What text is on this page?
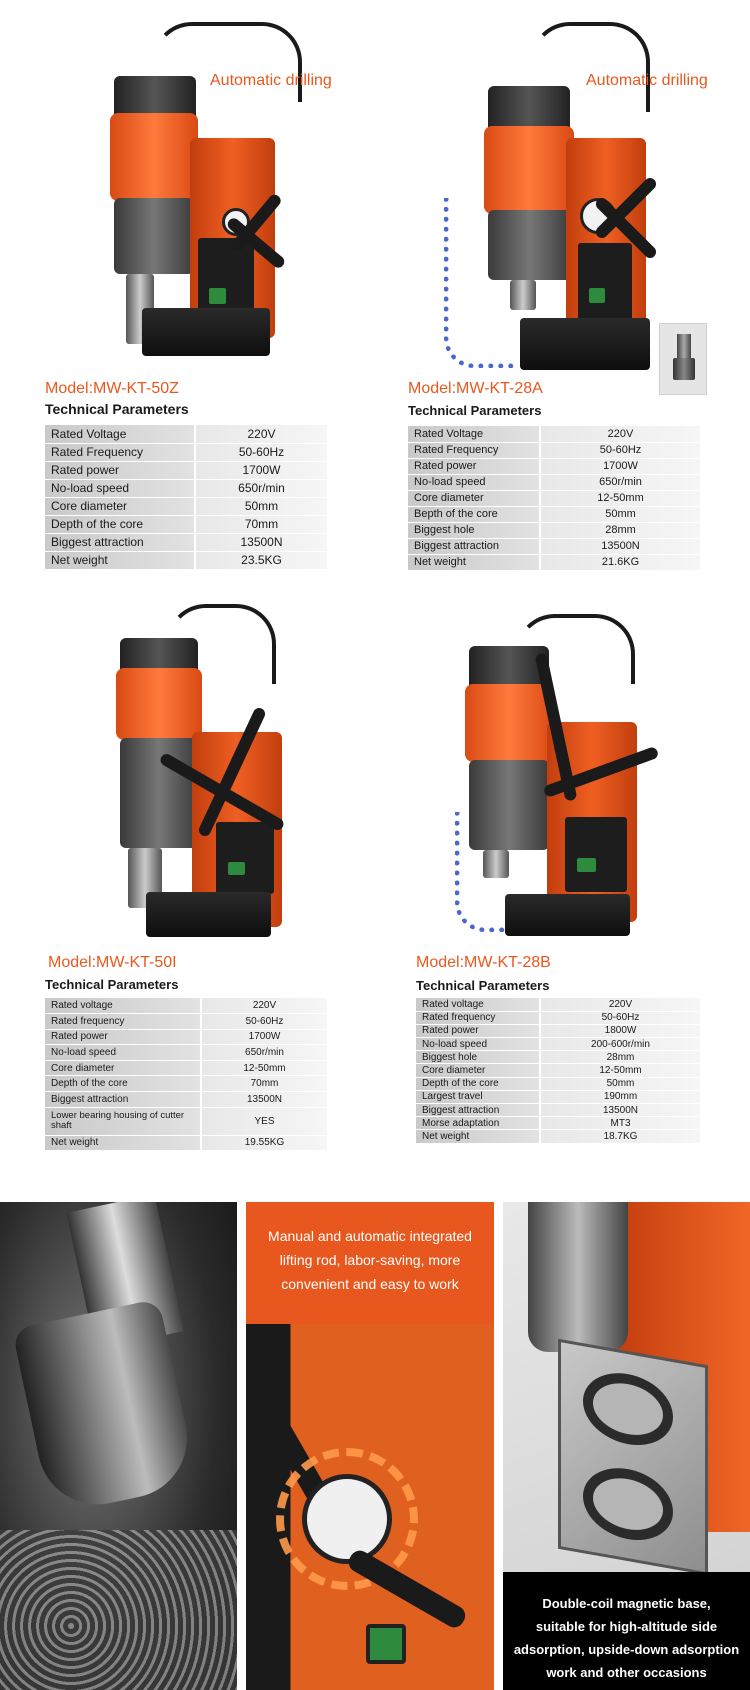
Automatic drilling
Model:MW-KT-50Z
Technical Parameters
Rated Voltage	220V
Rated Frequency	50-60Hz
Rated power	1700W
No-load speed	650r/min
Core diameter	50mm
Depth of the core	70mm
Biggest attraction	13500N
Net weight	23.5KG
Automatic drilling
Model:MW-KT-28A
Technical Parameters
Rated Voltage	220V
Rated Frequency	50-60Hz
Rated power	1700W
No-load speed	650r/min
Core diameter	12-50mm
Bepth of the core	50mm
Biggest hole	28mm
Biggest attraction	13500N
Net weight	21.6KG
Model:MW-KT-50I
Technical Parameters
Rated voltage	220V
Rated frequency	50-60Hz
Rated power	1700W
No-load speed	650r/min
Core diameter	12-50mm
Depth of the core	70mm
Biggest attraction	13500N
Lower bearing housing of cutter shaft	YES
Net weight	19.55KG
Model:MW-KT-28B
Technical Parameters
Rated voltage	220V
Rated frequency	50-60Hz
Rated power	1800W
No-load speed	200-600r/min
Biggest hole	28mm
Core diameter	12-50mm
Depth of the core	50mm
Largest travel	190mm
Biggest attraction	13500N
Morse adaptation	MT3
Net weight	18.7KG
Manual and automatic integrated
lifting rod, labor-saving, more
convenient and easy to work
Double-coil magnetic base,
suitable for high-altitude side
adsorption, upside-down adsorption
work and other occasions
